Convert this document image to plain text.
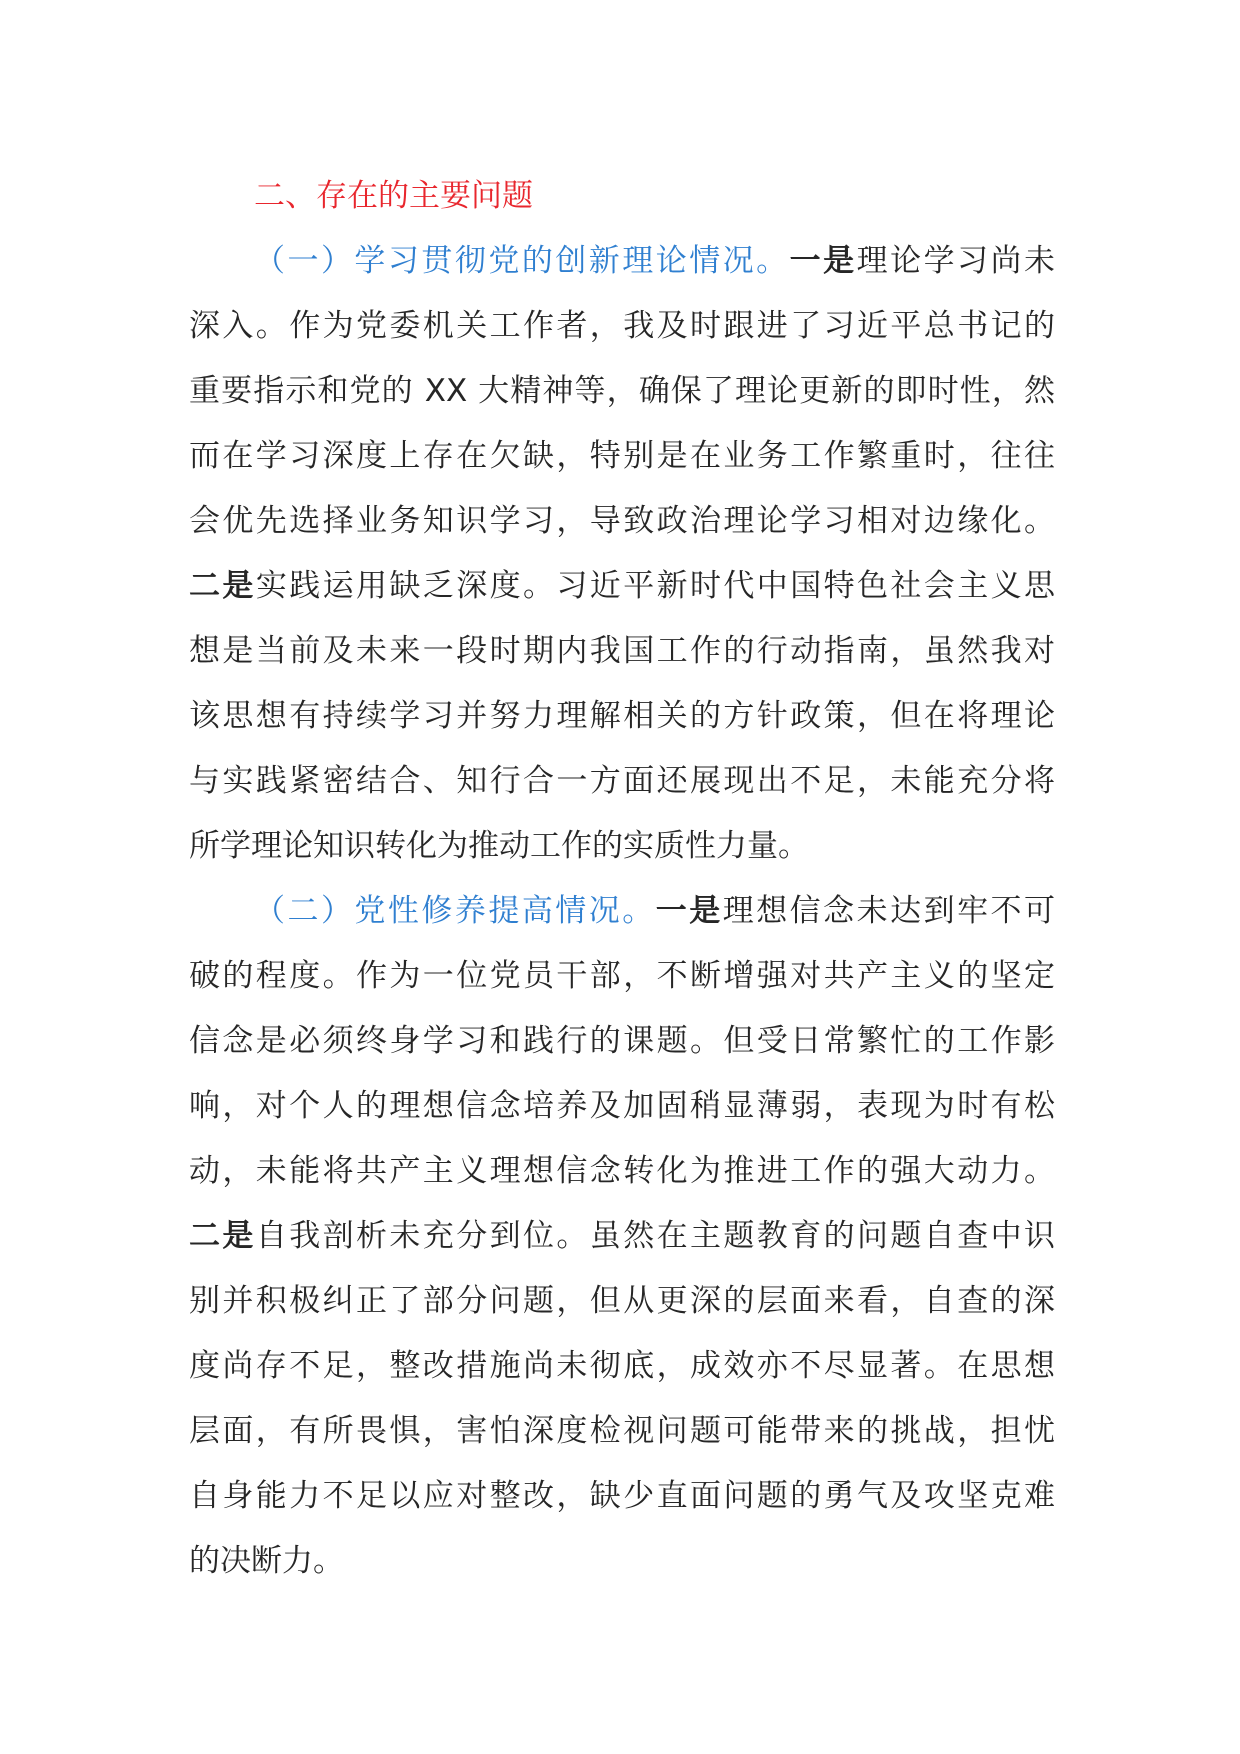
二、存在的主要问题
（一）学习贯彻党的创新理论情况。一是理论学习尚未
深入。作为党委机关工作者，我及时跟进了习近平总书记的
重要指示和党的 XX 大精神等，确保了理论更新的即时性，然
而在学习深度上存在欠缺，特别是在业务工作繁重时，往往
会优先选择业务知识学习，导致政治理论学习相对边缘化。
二是实践运用缺乏深度。习近平新时代中国特色社会主义思
想是当前及未来一段时期内我国工作的行动指南，虽然我对
该思想有持续学习并努力理解相关的方针政策，但在将理论
与实践紧密结合、知行合一方面还展现出不足，未能充分将
所学理论知识转化为推动工作的实质性力量。
（二）党性修养提高情况。一是理想信念未达到牢不可
破的程度。作为一位党员干部，不断增强对共产主义的坚定
信念是必须终身学习和践行的课题。但受日常繁忙的工作影
响，对个人的理想信念培养及加固稍显薄弱，表现为时有松
动，未能将共产主义理想信念转化为推进工作的强大动力。
二是自我剖析未充分到位。虽然在主题教育的问题自查中识
别并积极纠正了部分问题，但从更深的层面来看，自查的深
度尚存不足，整改措施尚未彻底，成效亦不尽显著。在思想
层面，有所畏惧，害怕深度检视问题可能带来的挑战，担忧
自身能力不足以应对整改，缺少直面问题的勇气及攻坚克难
的决断力。
